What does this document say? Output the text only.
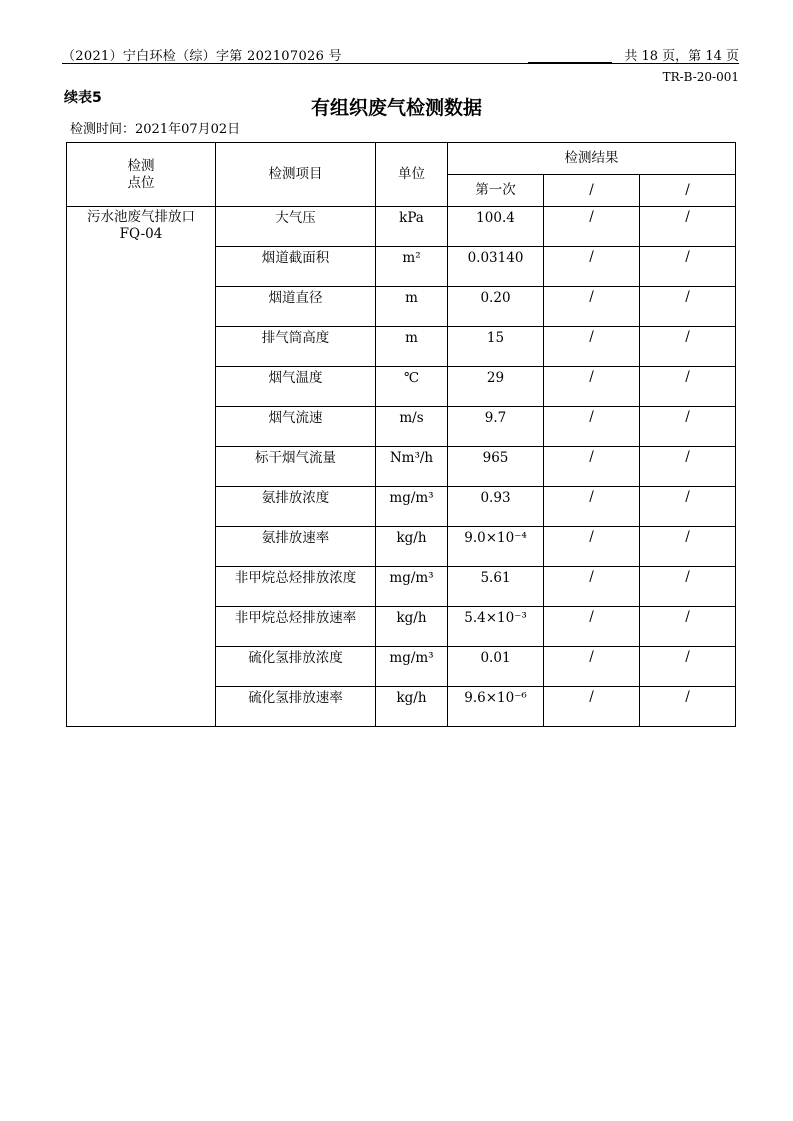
（2021）宁白环检（综）字第 202107026 号	共 18 页，第 14 页
TR-B-20-001
续表5	有组织废气检测数据
检测时间：2021年07月02日
检测
点位	检测项目	单位	检测结果		
			第一次	/	/

污水池废气排放口
FQ-04	大气压	kPa	100.4	/	/
	烟道截面积	m²	0.03140	/	/
	烟道直径	m	0.20	/	/
	排气筒高度	m	15	/	/
	烟气温度	℃	29	/	/
	烟气流速	m/s	9.7	/	/
	标干烟气流量	Nm³/h	965	/	/
	氨排放浓度	mg/m³	0.93	/	/
	氨排放速率	kg/h	9.0×10⁻⁴	/	/
	非甲烷总烃排放浓度	mg/m³	5.61	/	/
	非甲烷总烃排放速率	kg/h	5.4×10⁻³	/	/
	硫化氢排放浓度	mg/m³	0.01	/	/
	硫化氢排放速率	kg/h	9.6×10⁻⁶	/	/
